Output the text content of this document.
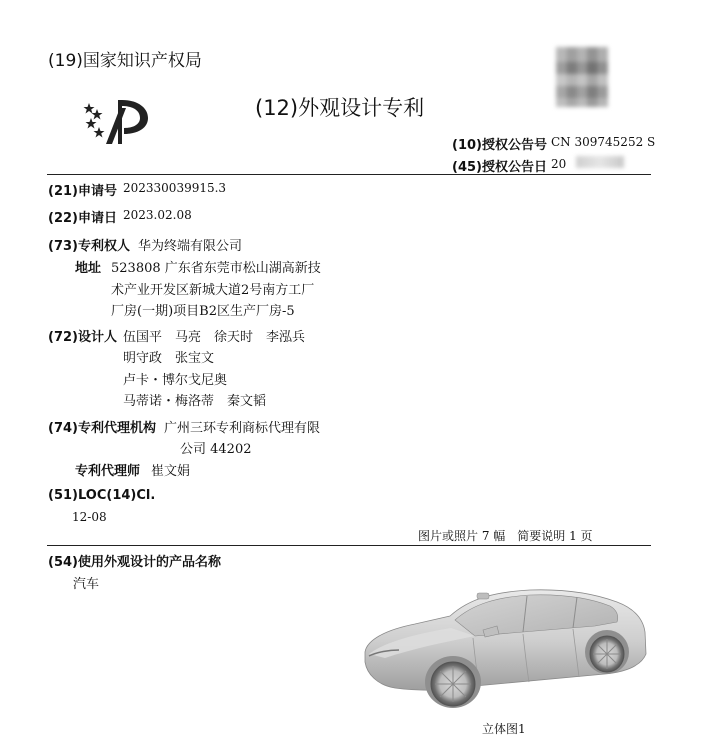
(19)国家知识产权局
(12)外观设计专利
(10)授权公告号 CN 309745252 S
(45)授权公告日 20
(21)申请号 202330039915.3
(22)申请日 2023.02.08
(73)专利权人 华为终端有限公司
地址 523808 广东省东莞市松山湖高新技
术产业开发区新城大道2号南方工厂
厂房(一期)项目B2区生产厂房-5
(72)设计人 伍国平　马亮　徐天时　李泓兵
明守政　张宝文
卢卡・博尔戈尼奥
马蒂诺・梅洛蒂　秦文韬
(74)专利代理机构 广州三环专利商标代理有限
公司 44202
专利代理师 崔文娟
(51)LOC(14)Cl.
12-08
图片或照片 7 幅　简要说明 1 页
(54)使用外观设计的产品名称
汽车
立体图1
